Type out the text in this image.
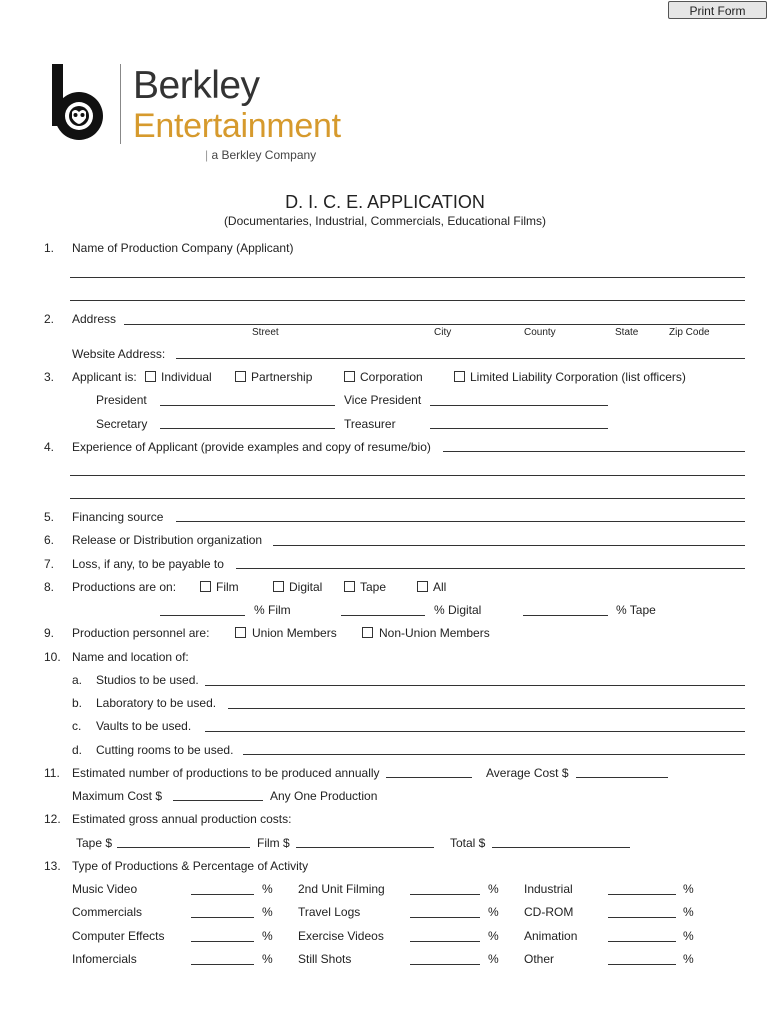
Print Form
Berkley
Entertainment
| a Berkley Company
D. I. C. E. APPLICATION
(Documentaries, Industrial, Commercials, Educational Films)
1. Name of Production Company (Applicant)
2. Address
Street	City	County	State	Zip Code
Website Address:
3. Applicant is: Individual	Partnership	Corporation	Limited Liability Corporation (list officers)
President	Vice President
Secretary	Treasurer
4. Experience of Applicant (provide examples and copy of resume/bio)
5. Financing source
6. Release or Distribution organization
7. Loss, if any, to be payable to
8. Productions are on:	Film	Digital	Tape	All
% Film	% Digital	% Tape
9. Production personnel are:	Union Members	Non-Union Members
10. Name and location of:
a. Studios to be used.
b. Laboratory to be used.
c. Vaults to be used.
d. Cutting rooms to be used.
11. Estimated number of productions to be produced annually	Average Cost $
Maximum Cost $	Any One Production
12. Estimated gross annual production costs:
Tape $	Film $	Total $
13. Type of Productions & Percentage of Activity
Music Video	% 2nd Unit Filming	% Industrial	%
Commercials	% Travel Logs	% CD-ROM	%
Computer Effects	% Exercise Videos	% Animation	%
Infomercials	% Still Shots	% Other	%
